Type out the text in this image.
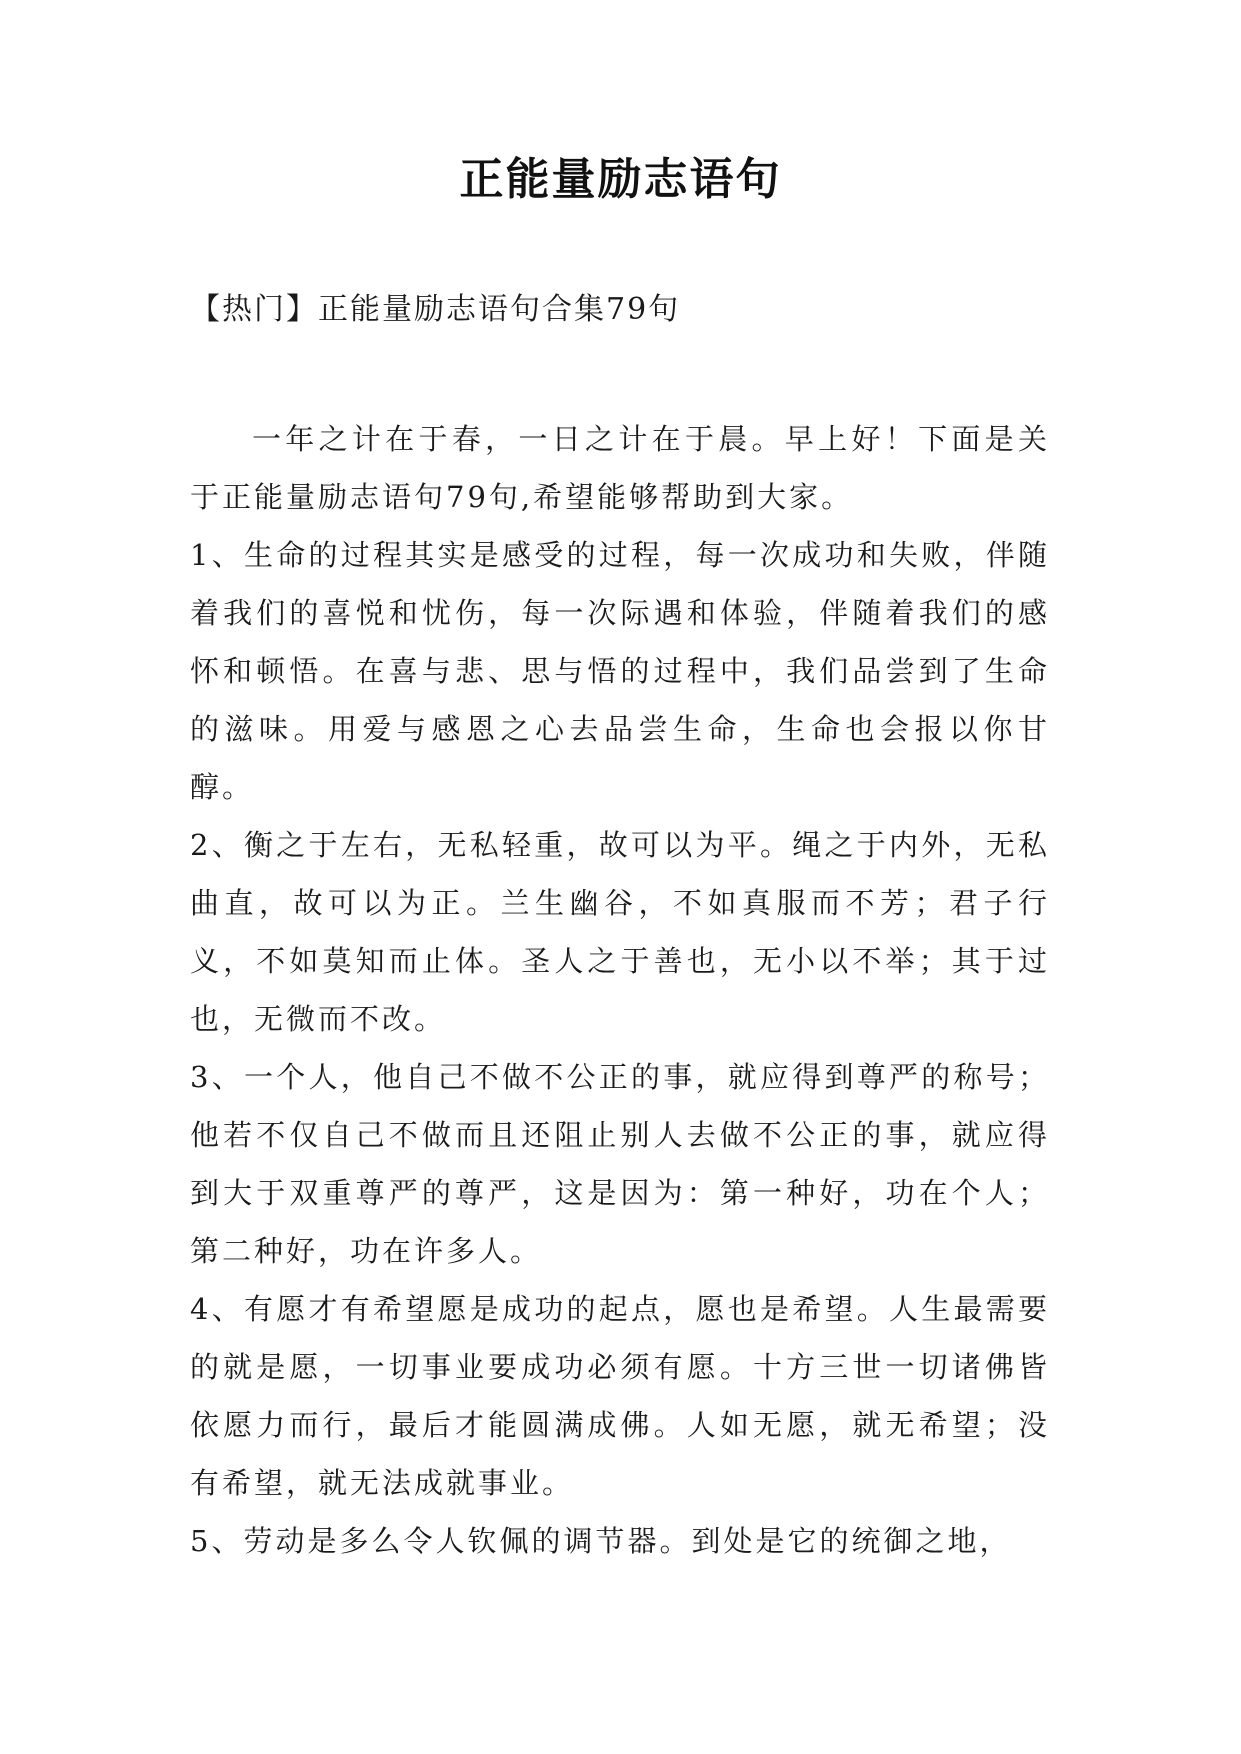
正能量励志语句
【热门】正能量励志语句合集79句

一年之计在于春，一日之计在于晨。早上好！下面是关于正能量励志语句79句,希望能够帮助到大家。

1、生命的过程其实是感受的过程，每一次成功和失败，伴随着我们的喜悦和忧伤，每一次际遇和体验，伴随着我们的感怀和顿悟。在喜与悲、思与悟的过程中，我们品尝到了生命的滋味。用爱与感恩之心去品尝生命，生命也会报以你甘醇。

2、衡之于左右，无私轻重，故可以为平。绳之于内外，无私曲直，故可以为正。兰生幽谷，不如真服而不芳；君子行义，不如莫知而止体。圣人之于善也，无小以不举；其于过也，无微而不改。

3、一个人，他自己不做不公正的事，就应得到尊严的称号；他若不仅自己不做而且还阻止别人去做不公正的事，就应得到大于双重尊严的尊严，这是因为：第一种好，功在个人；第二种好，功在许多人。

4、有愿才有希望愿是成功的起点，愿也是希望。人生最需要的就是愿，一切事业要成功必须有愿。十方三世一切诸佛皆依愿力而行，最后才能圆满成佛。人如无愿，就无希望；没有希望，就无法成就事业。

5、劳动是多么令人钦佩的调节器。到处是它的统御之地，
